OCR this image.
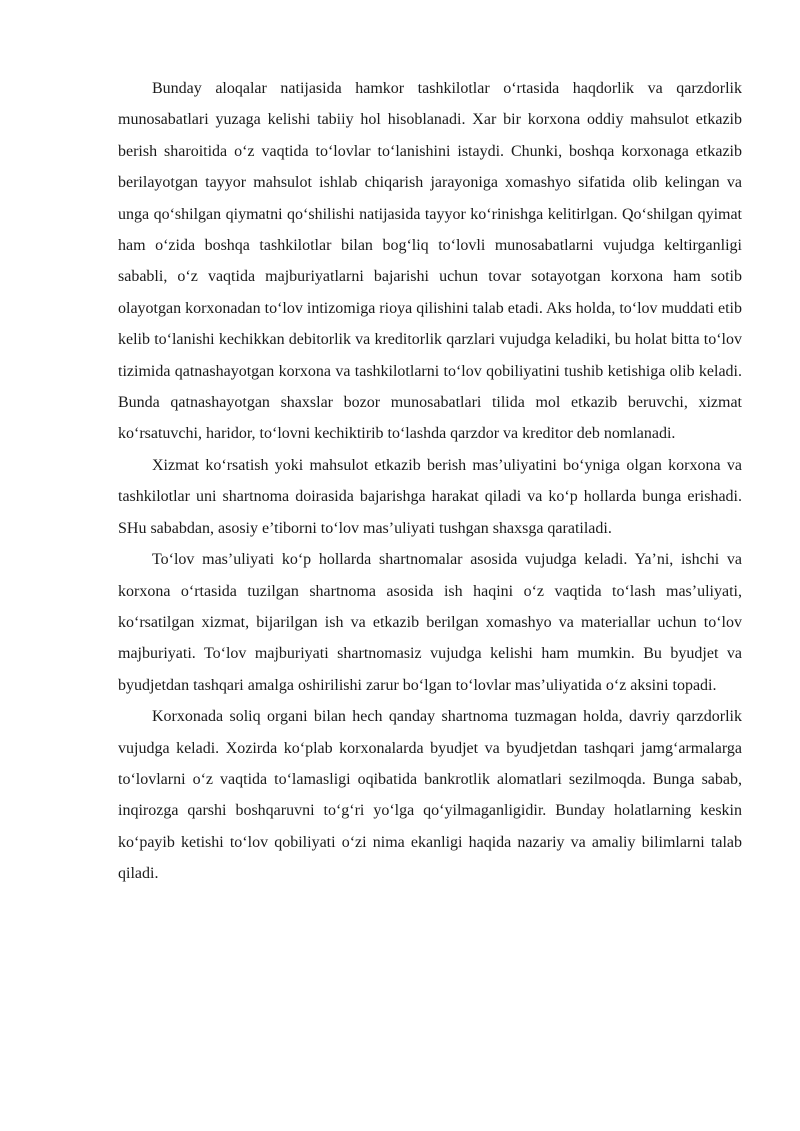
Bunday aloqalar natijasida hamkor tashkilotlar oʻrtasida haqdorlik va qarzdorlik munosabatlari yuzaga kelishi tabiiy hol hisoblanadi. Xar bir korxona oddiy mahsulot etkazib berish sharoitida oʻz vaqtida toʻlovlar toʻlanishini istaydi. Chunki, boshqa korxonaga etkazib berilayotgan tayyor mahsulot ishlab chiqarish jarayoniga xomashyo sifatida olib kelingan va unga qoʻshilgan qiymatni qoʻshilishi natijasida tayyor koʻrinishga kelitirlgan. Qoʻshilgan qyimat ham oʻzida boshqa tashkilotlar bilan bogʻliq toʻlovli munosabatlarni vujudga keltirganligi sababli, oʻz vaqtida majburiyatlarni bajarishi uchun tovar sotayotgan korxona ham sotib olayotgan korxonadan toʻlov intizomiga rioya qilishini talab etadi. Aks holda, toʻlov muddati etib kelib toʻlanishi kechikkan debitorlik va kreditorlik qarzlari vujudga keladiki, bu holat bitta toʻlov tizimida qatnashayotgan korxona va tashkilotlarni toʻlov qobiliyatini tushib ketishiga olib keladi. Bunda qatnashayotgan shaxslar bozor munosabatlari tilida mol etkazib beruvchi, xizmat koʻrsatuvchi, haridor, toʻlovni kechiktirib toʻlashda qarzdor va kreditor deb nomlanadi.

Xizmat koʻrsatish yoki mahsulot etkazib berish mas’uliyatini boʻyniga olgan korxona va tashkilotlar uni shartnoma doirasida bajarishga harakat qiladi va koʻp hollarda bunga erishadi. SHu sababdan, asosiy e’tiborni toʻlov mas’uliyati tushgan shaxsga qaratiladi.

Toʻlov mas’uliyati koʻp hollarda shartnomalar asosida vujudga keladi. Ya’ni, ishchi va korxona oʻrtasida tuzilgan shartnoma asosida ish haqini oʻz vaqtida toʻlash mas’uliyati, koʻrsatilgan xizmat, bijarilgan ish va etkazib berilgan xomashyo va materiallar uchun toʻlov majburiyati. Toʻlov majburiyati shartnomasiz vujudga kelishi ham mumkin. Bu byudjet va byudjetdan tashqari amalga oshirilishi zarur boʻlgan toʻlovlar mas’uliyatida oʻz aksini topadi.

Korxonada soliq organi bilan hech qanday shartnoma tuzmagan holda, davriy qarzdorlik vujudga keladi. Xozirda koʻplab korxonalarda byudjet va byudjetdan tashqari jamgʻarmalarga toʻlovlarni oʻz vaqtida toʻlamasligi oqibatida bankrotlik alomatlari sezilmoqda. Bunga sabab, inqirozga qarshi boshqaruvni toʻgʻri yoʻlga qoʻyilmaganligidir. Bunday holatlarning keskin koʻpayib ketishi toʻlov qobiliyati oʻzi nima ekanligi haqida nazariy va amaliy bilimlarni talab qiladi.
